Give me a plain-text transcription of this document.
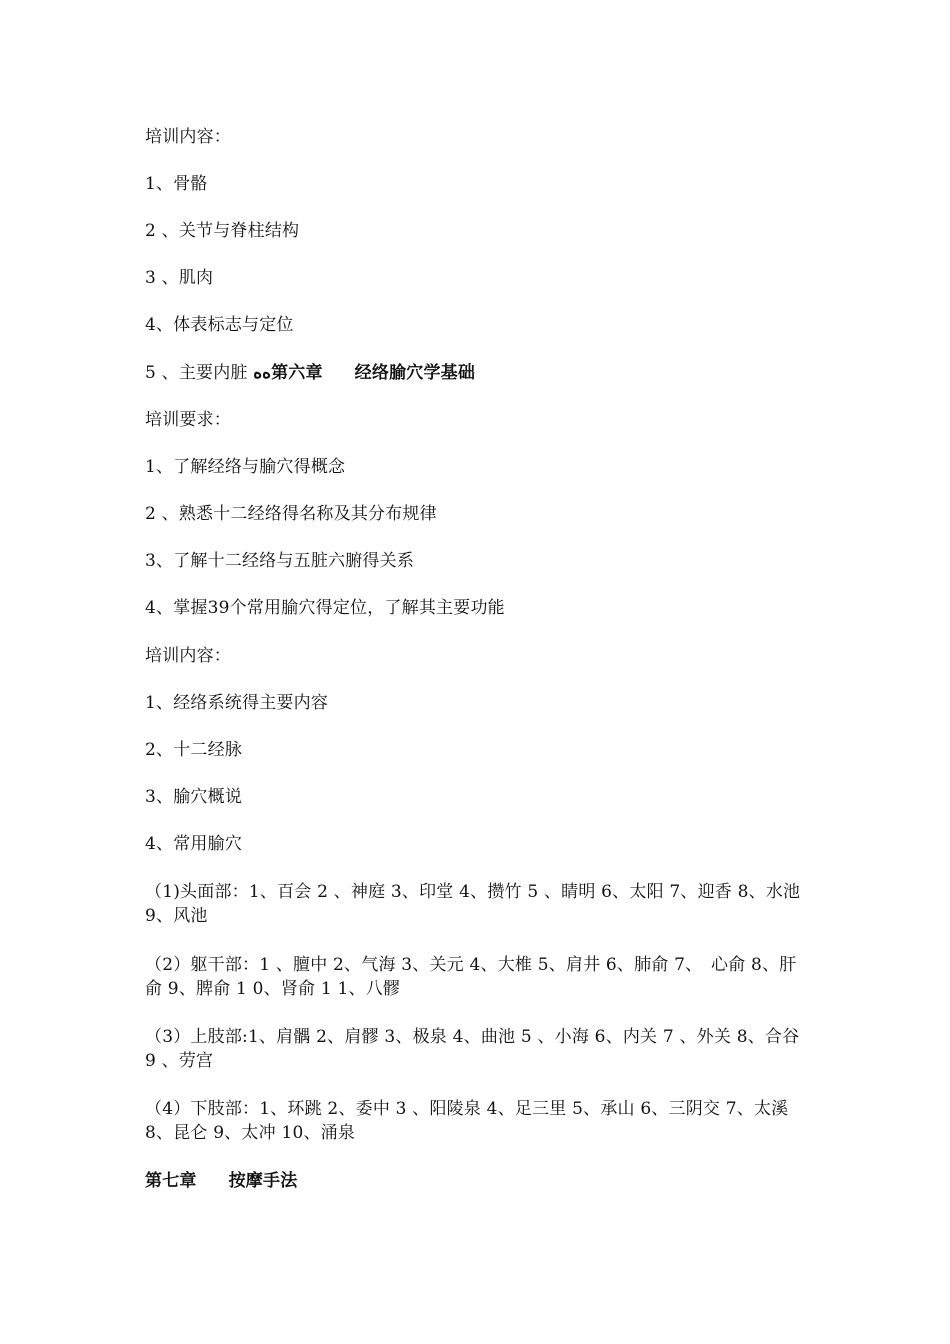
培训内容：
1、骨骼
2 、关节与脊柱结构
3 、肌肉
4、体表标志与定位
5 、主要内脏 ﻩﻩ第六章 经络腧穴学基础
培训要求：
1、了解经络与腧穴得概念
2 、熟悉十二经络得名称及其分布规律
3、了解十二经络与五脏六腑得关系
4、掌握39个常用腧穴得定位，了解其主要功能
培训内容：
1、经络系统得主要内容
2、十二经脉
3、腧穴概说
4、常用腧穴
（1)头面部：1、百会 2 、神庭 3、印堂 4、攒竹 5 、睛明 6、太阳 7、迎香 8、水池 9、风池
（2）躯干部：1 、膻中 2、气海 3、关元 4、大椎 5、肩井 6、肺俞 7、　心俞 8、肝俞 9、脾俞 1 0、肾俞 1 1、八髎
（3）上肢部:1、肩髃 2、肩髎 3、极泉 4、曲池 5 、小海 6、内关 7 、外关 8、合谷 9 、劳宫
（4）下肢部：1、环跳 2、委中 3 、阳陵泉 4、足三里 5、承山 6、三阴交 7、太溪 8、昆仑 9、太冲 10、涌泉
第七章 按摩手法
